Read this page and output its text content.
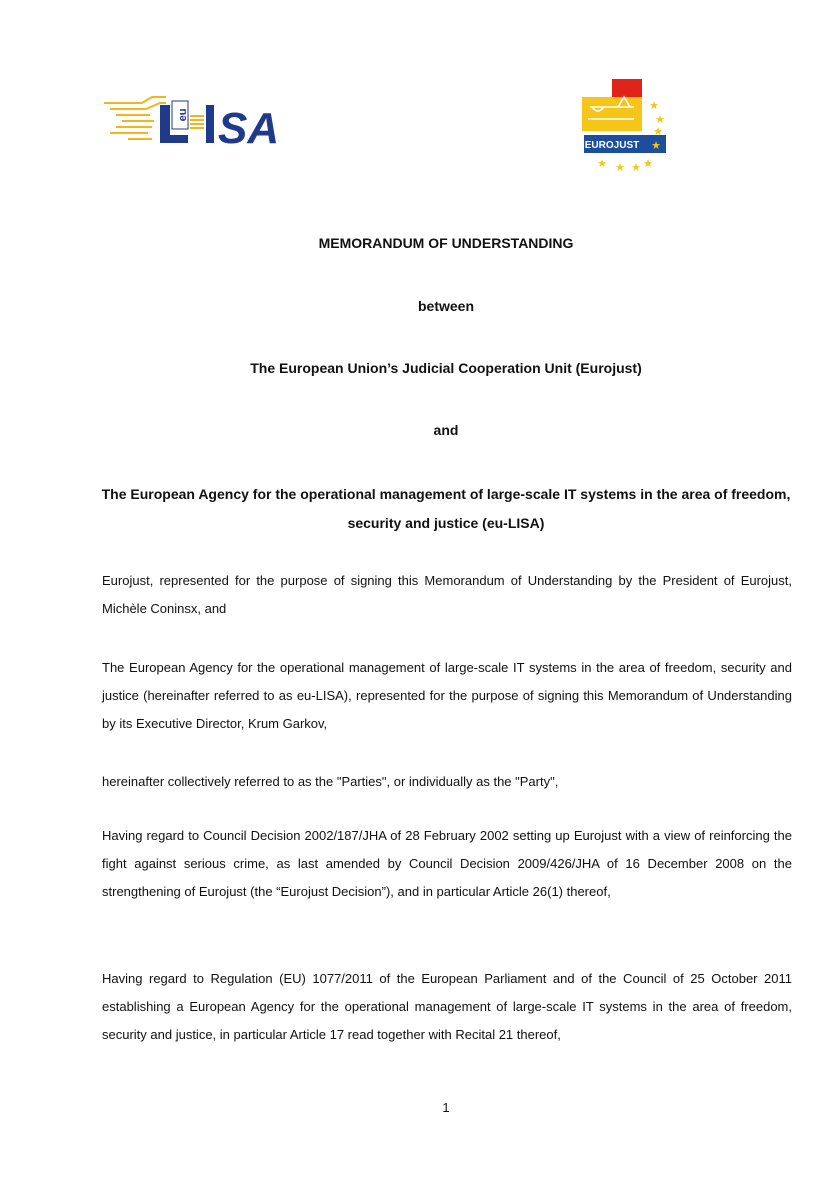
eu SA	EUROJUST ★
★
★
★
★
★
★
★
MEMORANDUM OF UNDERSTANDING
between
The European Union’s Judicial Cooperation Unit (Eurojust)
and
The European Agency for the operational management of large-scale IT systems in the area of freedom, security and justice (eu-LISA)
Eurojust, represented for the purpose of signing this Memorandum of Understanding by the President of Eurojust, Michèle Coninsx, and
The European Agency for the operational management of large-scale IT systems in the area of freedom, security and justice (hereinafter referred to as eu-LISA), represented for the purpose of signing this Memorandum of Understanding by its Executive Director, Krum Garkov,
hereinafter collectively referred to as the "Parties", or individually as the "Party",
Having regard to Council Decision 2002/187/JHA of 28 February 2002 setting up Eurojust with a view of reinforcing the fight against serious crime, as last amended by Council Decision 2009/426/JHA of 16 December 2008 on the strengthening of Eurojust (the “Eurojust Decision”), and in particular Article 26(1) thereof,
Having regard to Regulation (EU) 1077/2011 of the European Parliament and of the Council of 25 October 2011 establishing a European Agency for the operational management of large-scale IT systems in the area of freedom, security and justice, in particular Article 17 read together with Recital 21 thereof,
1
